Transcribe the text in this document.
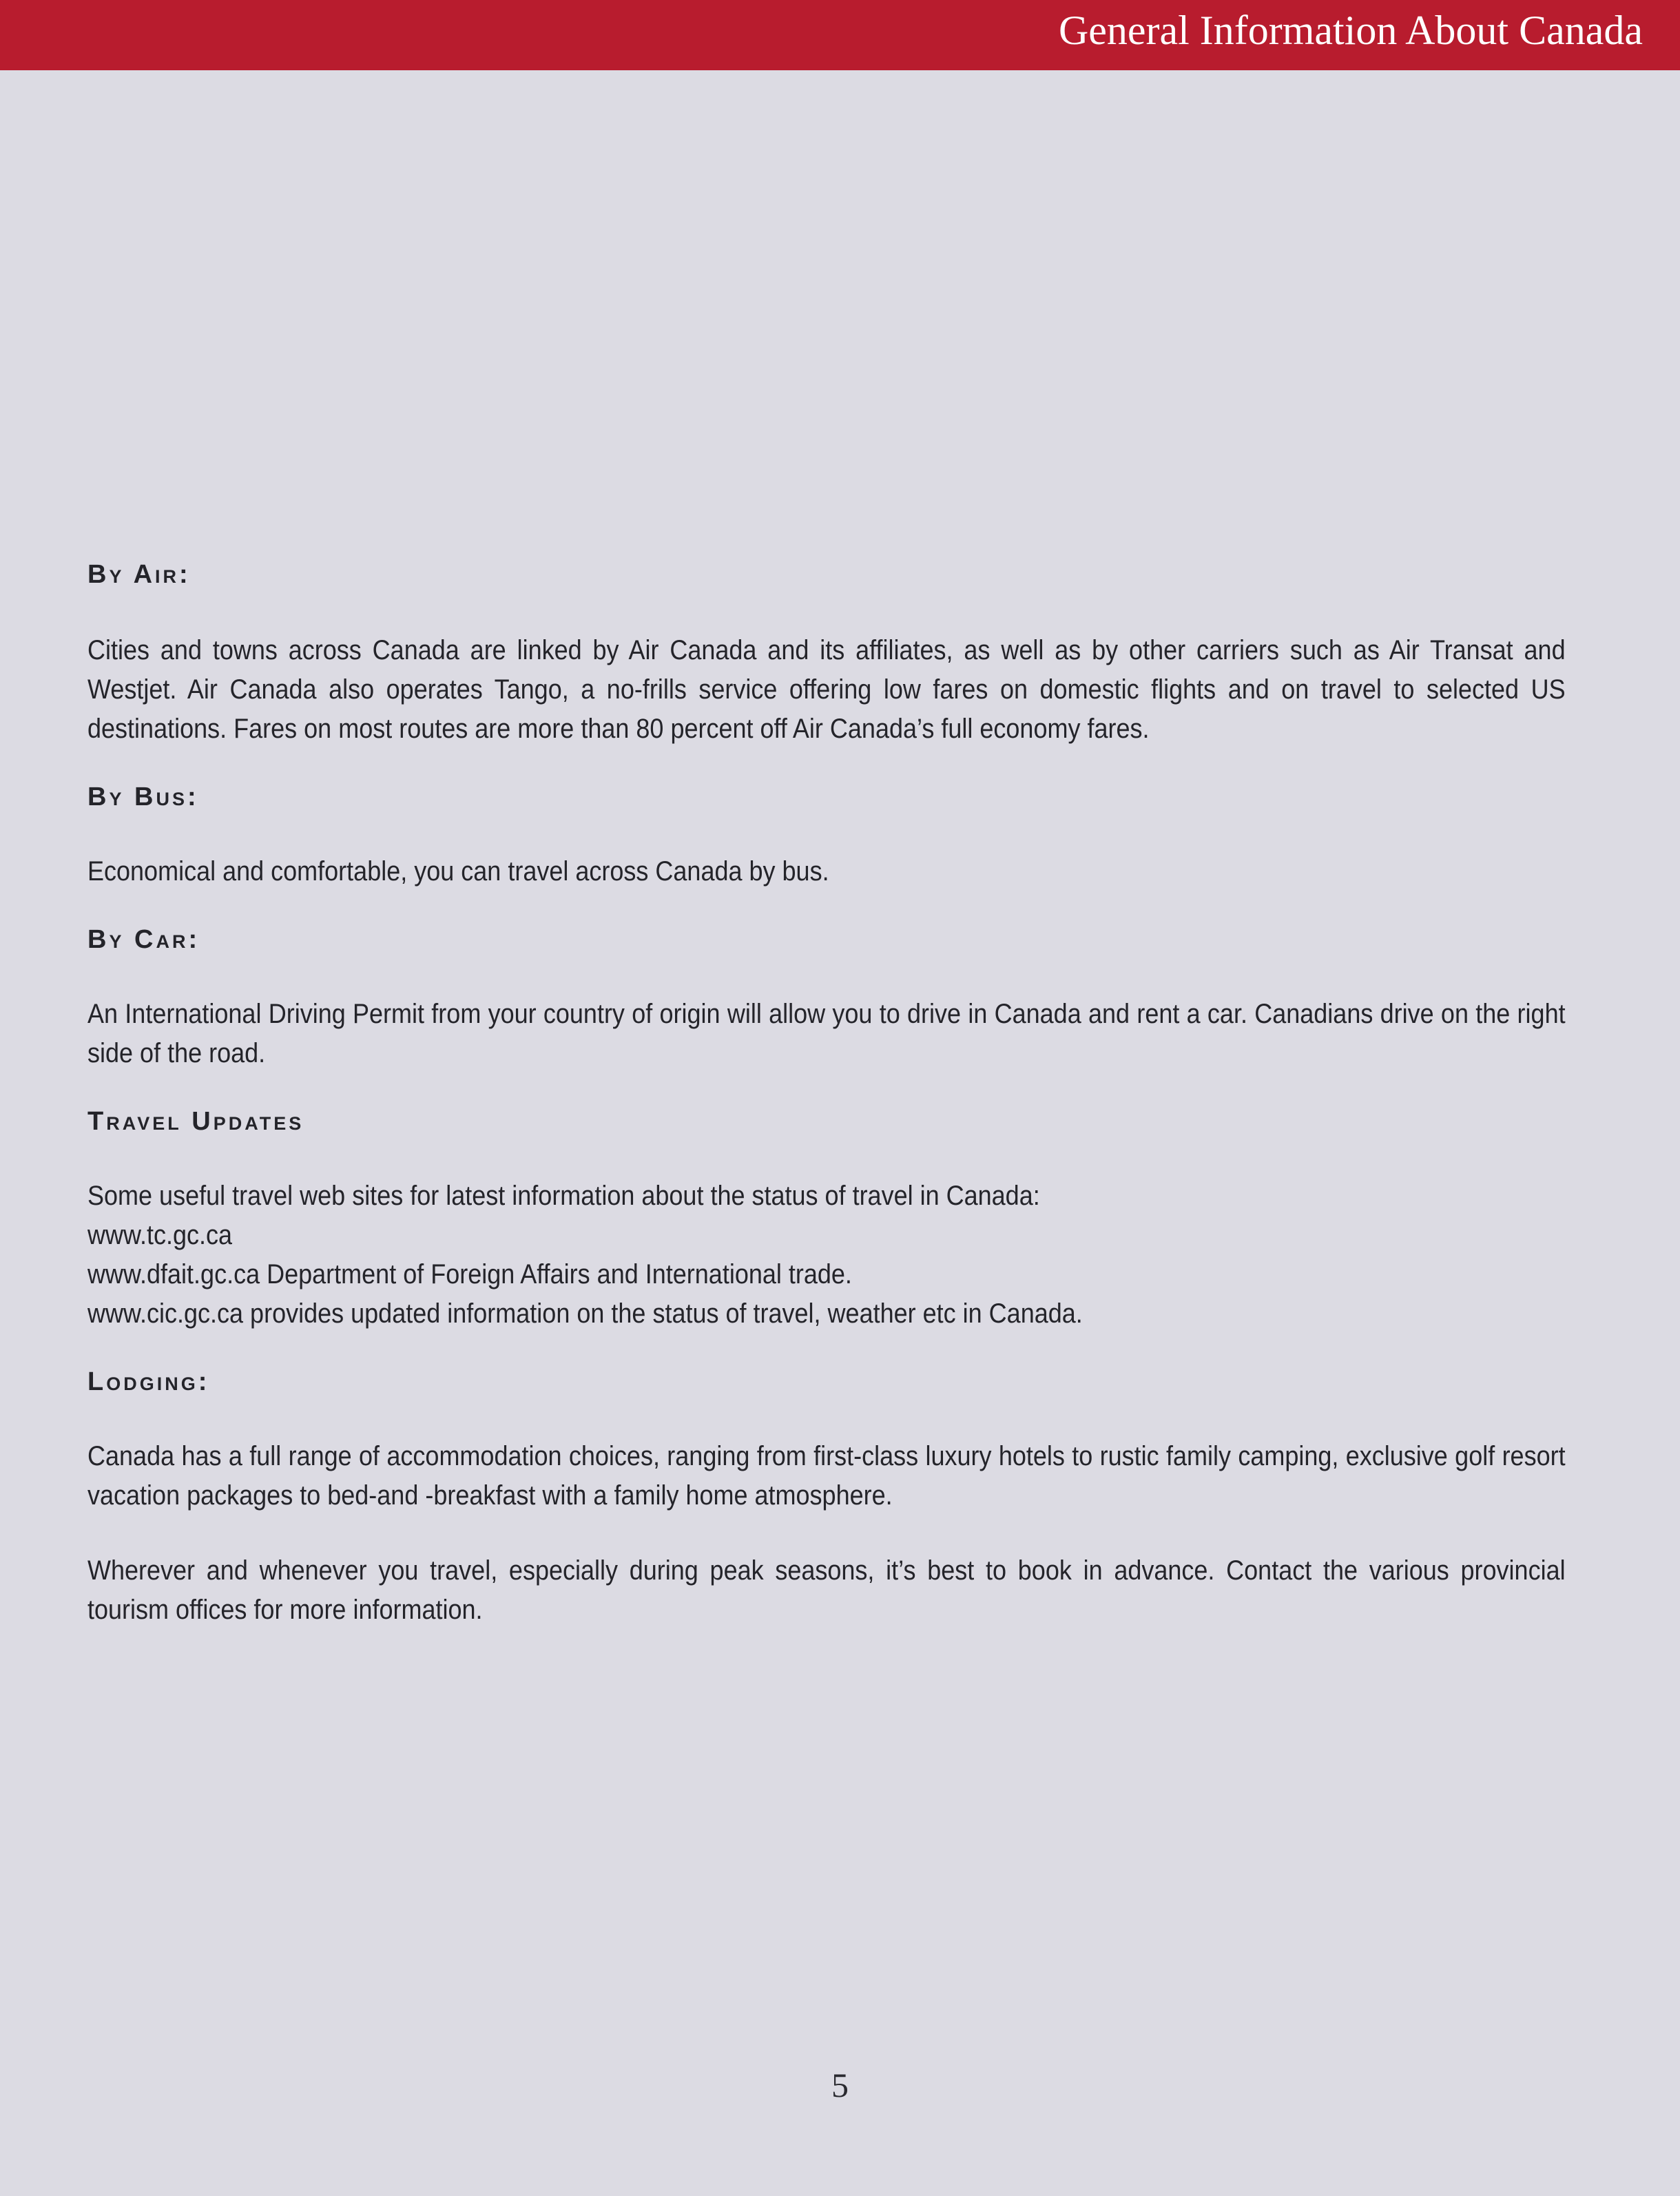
General Information About Canada
By Air:

Cities and towns across Canada are linked by Air Canada and its affiliates, as well as by other carriers such as Air Transat and Westjet. Air Canada also operates Tango, a no-frills service offering low fares on domestic flights and on travel to selected US destinations. Fares on most routes are more than 80 percent off Air Canada’s full economy fares.

By Bus:

Economical and comfortable, you can travel across Canada by bus.

By Car:

An International Driving Permit from your country of origin will allow you to drive in Canada and rent a car. Canadians drive on the right side of the road.

Travel Updates

Some useful travel web sites for latest information about the status of travel in Canada:

www.tc.gc.ca

www.dfait.gc.ca Department of Foreign Affairs and International trade.

www.cic.gc.ca provides updated information on the status of travel, weather etc in Canada.

Lodging:

Canada has a full range of accommodation choices, ranging from first-class luxury hotels to rustic family camping, exclusive golf resort vacation packages to bed-and -breakfast with a family home atmosphere.

Wherever and whenever you travel, especially during peak seasons, it’s best to book in advance. Contact the various provincial tourism offices for more information.

5
